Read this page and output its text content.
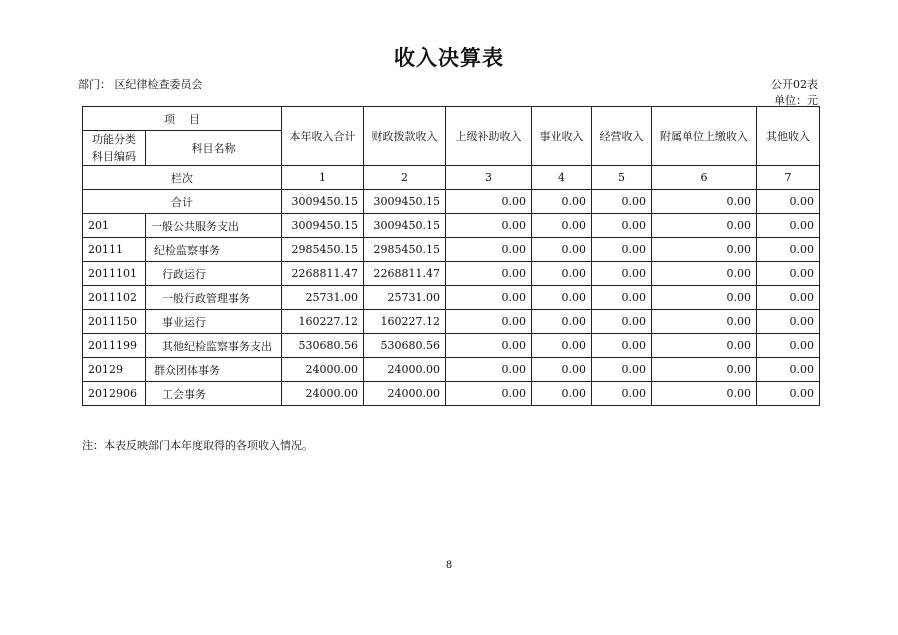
收入决算表
部门： 区纪律检查委员会	公开02表
单位：元
项    目		本年收入合计	财政拨款收入	上级补助收入	事业收入	经营收入	附属单位上缴收入	其他收入

功能分类
科目编码	科目名称							
栏次		1	2	3	4	5	6	7
合计		3009450.15	3009450.15	0.00	0.00	0.00	0.00	0.00
201	一般公共服务支出	3009450.15	3009450.15	0.00	0.00	0.00	0.00	0.00
20111	纪检监察事务	2985450.15	2985450.15	0.00	0.00	0.00	0.00	0.00
2011101	行政运行	2268811.47	2268811.47	0.00	0.00	0.00	0.00	0.00
2011102	一般行政管理事务	25731.00	25731.00	0.00	0.00	0.00	0.00	0.00
2011150	事业运行	160227.12	160227.12	0.00	0.00	0.00	0.00	0.00
2011199	其他纪检监察事务支出	530680.56	530680.56	0.00	0.00	0.00	0.00	0.00
20129	群众团体事务	24000.00	24000.00	0.00	0.00	0.00	0.00	0.00
2012906	工会事务	24000.00	24000.00	0.00	0.00	0.00	0.00	0.00
注：本表反映部门本年度取得的各项收入情况。
8
